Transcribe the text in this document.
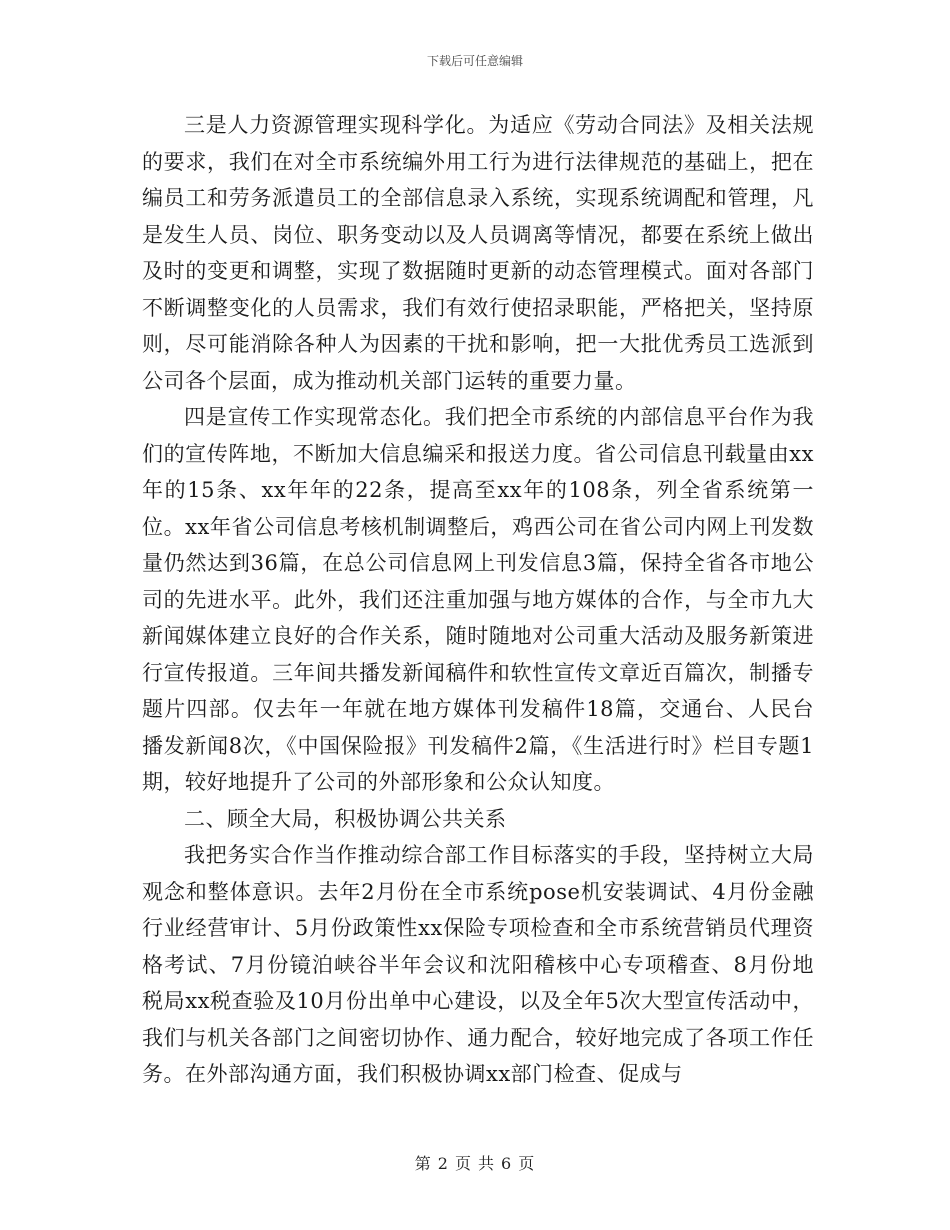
下载后可任意编辑

三是人力资源管理实现科学化。为适应《劳动合同法》及相关法规的要求，我们在对全市系统编外用工行为进行法律规范的基础上，把在编员工和劳务派遣员工的全部信息录入系统，实现系统调配和管理，凡是发生人员、岗位、职务变动以及人员调离等情况，都要在系统上做出及时的变更和调整，实现了数据随时更新的动态管理模式。面对各部门不断调整变化的人员需求，我们有效行使招录职能，严格把关，坚持原则，尽可能消除各种人为因素的干扰和影响，把一大批优秀员工选派到公司各个层面，成为推动机关部门运转的重要力量。

四是宣传工作实现常态化。我们把全市系统的内部信息平台作为我们的宣传阵地，不断加大信息编采和报送力度。省公司信息刊载量由xx年的15条、xx年年的22条，提高至xx年的108条，列全省系统第一位。xx年省公司信息考核机制调整后，鸡西公司在省公司内网上刊发数量仍然达到36篇，在总公司信息网上刊发信息3篇，保持全省各市地公司的先进水平。此外，我们还注重加强与地方媒体的合作，与全市九大新闻媒体建立良好的合作关系，随时随地对公司重大活动及服务新策进行宣传报道。三年间共播发新闻稿件和软性宣传文章近百篇次，制播专题片四部。仅去年一年就在地方媒体刊发稿件18篇，交通台、人民台播发新闻8次，《中国保险报》刊发稿件2篇，《生活进行时》栏目专题1期，较好地提升了公司的外部形象和公众认知度。

二、顾全大局，积极协调公共关系

我把务实合作当作推动综合部工作目标落实的手段，坚持树立大局观念和整体意识。去年2月份在全市系统pose机安装调试、4月份金融行业经营审计、5月份政策性xx保险专项检查和全市系统营销员代理资格考试、7月份镜泊峡谷半年会议和沈阳稽核中心专项稽查、8月份地税局xx税查验及10月份出单中心建设，以及全年5次大型宣传活动中，我们与机关各部门之间密切协作、通力配合，较好地完成了各项工作任务。在外部沟通方面，我们积极协调xx部门检查、促成与

第 2 页 共 6 页
